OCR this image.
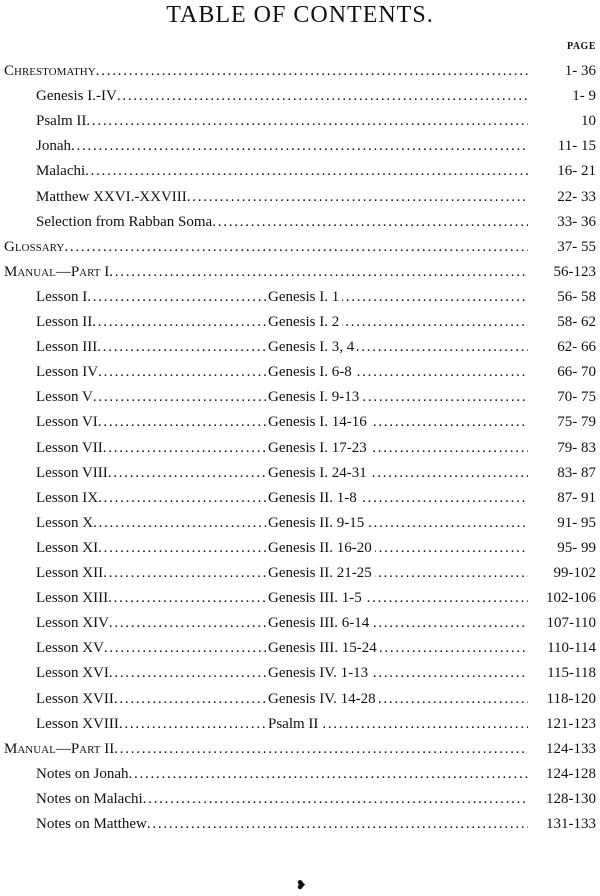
TABLE OF CONTENTS.
PAGE
Chrestomathy . . .	1- 36
Genesis I.-IV . . .	1- 9
Psalm II . . .	10
Jonah . . .	11- 15
Malachi . . .	16- 21
Matthew XXVI.-XXVIII . . .	22- 33
Selection from Rabban Soma . . .	33- 36
Glossary . . .	37- 55
Manual—Part I . . .	56-123
Lesson I . . .	Genesis I. 1	56- 58
Lesson II . . .	Genesis I. 2	58- 62
Lesson III . . .	Genesis I. 3, 4	62- 66
Lesson IV . . .	Genesis I. 6-8	66- 70
Lesson V . . .	Genesis I. 9-13	70- 75
Lesson VI . . .	Genesis I. 14-16	75- 79
Lesson VII . . .	Genesis I. 17-23	79- 83
Lesson VIII . . .	Genesis I. 24-31	83- 87
Lesson IX . . .	Genesis II. 1-8	87- 91
Lesson X . . .	Genesis II. 9-15	91- 95
Lesson XI . . .	Genesis II. 16-20	95- 99
Lesson XII . . .	Genesis II. 21-25	99-102
Lesson XIII . . .	Genesis III. 1-5	102-106
Lesson XIV . . .	Genesis III. 6-14	107-110
Lesson XV . . .	Genesis III. 15-24	110-114
Lesson XVI . . .	Genesis IV. 1-13	115-118
Lesson XVII . . .	Genesis IV. 14-28	118-120
Lesson XVIII . . .	Psalm II	121-123
Manual—Part II . . .	124-133
Notes on Jonah . . .	124-128
Notes on Malachi . . .	128-130
Notes on Matthew . . .	131-133
❥
